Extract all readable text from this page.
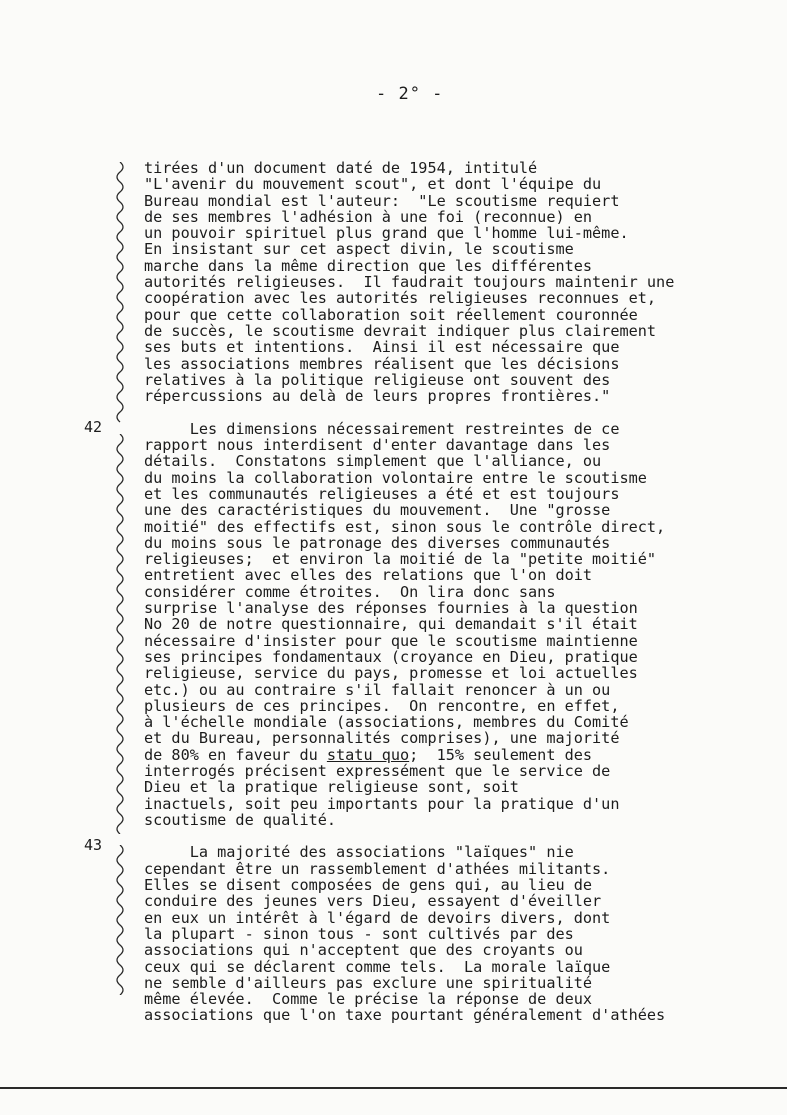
- 2° -
42
43
tirées d'un document daté de 1954, intitulé
"L'avenir du mouvement scout", et dont l'équipe du
Bureau mondial est l'auteur:  "Le scoutisme requiert
de ses membres l'adhésion à une foi (reconnue) en
un pouvoir spirituel plus grand que l'homme lui-même.
En insistant sur cet aspect divin, le scoutisme
marche dans la même direction que les différentes
autorités religieuses.  Il faudrait toujours maintenir une
coopération avec les autorités religieuses reconnues et,
pour que cette collaboration soit réellement couronnée
de succès, le scoutisme devrait indiquer plus clairement
ses buts et intentions.  Ainsi il est nécessaire que
les associations membres réalisent que les décisions
relatives à la politique religieuse ont souvent des
répercussions au delà de leurs propres frontières."
Les dimensions nécessairement restreintes de ce
rapport nous interdisent d'enter davantage dans les
détails.  Constatons simplement que l'alliance, ou
du moins la collaboration volontaire entre le scoutisme
et les communautés religieuses a été et est toujours
une des caractéristiques du mouvement.  Une "grosse
moitié" des effectifs est, sinon sous le contrôle direct,
du moins sous le patronage des diverses communautés
religieuses;  et environ la moitié de la "petite moitié"
entretient avec elles des relations que l'on doit
considérer comme étroites.  On lira donc sans
surprise l'analyse des réponses fournies à la question
No 20 de notre questionnaire, qui demandait s'il était
nécessaire d'insister pour que le scoutisme maintienne
ses principes fondamentaux (croyance en Dieu, pratique
religieuse, service du pays, promesse et loi actuelles
etc.) ou au contraire s'il fallait renoncer à un ou
plusieurs de ces principes.  On rencontre, en effet,
à l'échelle mondiale (associations, membres du Comité
et du Bureau, personnalités comprises), une majorité
de 80% en faveur du statu quo;  15% seulement des
interrogés précisent expressément que le service de
Dieu et la pratique religieuse sont, soit
inactuels, soit peu importants pour la pratique d'un
scoutisme de qualité.
La majorité des associations "laïques" nie
cependant être un rassemblement d'athées militants.
Elles se disent composées de gens qui, au lieu de
conduire des jeunes vers Dieu, essayent d'éveiller
en eux un intérêt à l'égard de devoirs divers, dont
la plupart - sinon tous - sont cultivés par des
associations qui n'acceptent que des croyants ou
ceux qui se déclarent comme tels.  La morale laïque
ne semble d'ailleurs pas exclure une spiritualité
même élevée.  Comme le précise la réponse de deux
associations que l'on taxe pourtant généralement d'athées
